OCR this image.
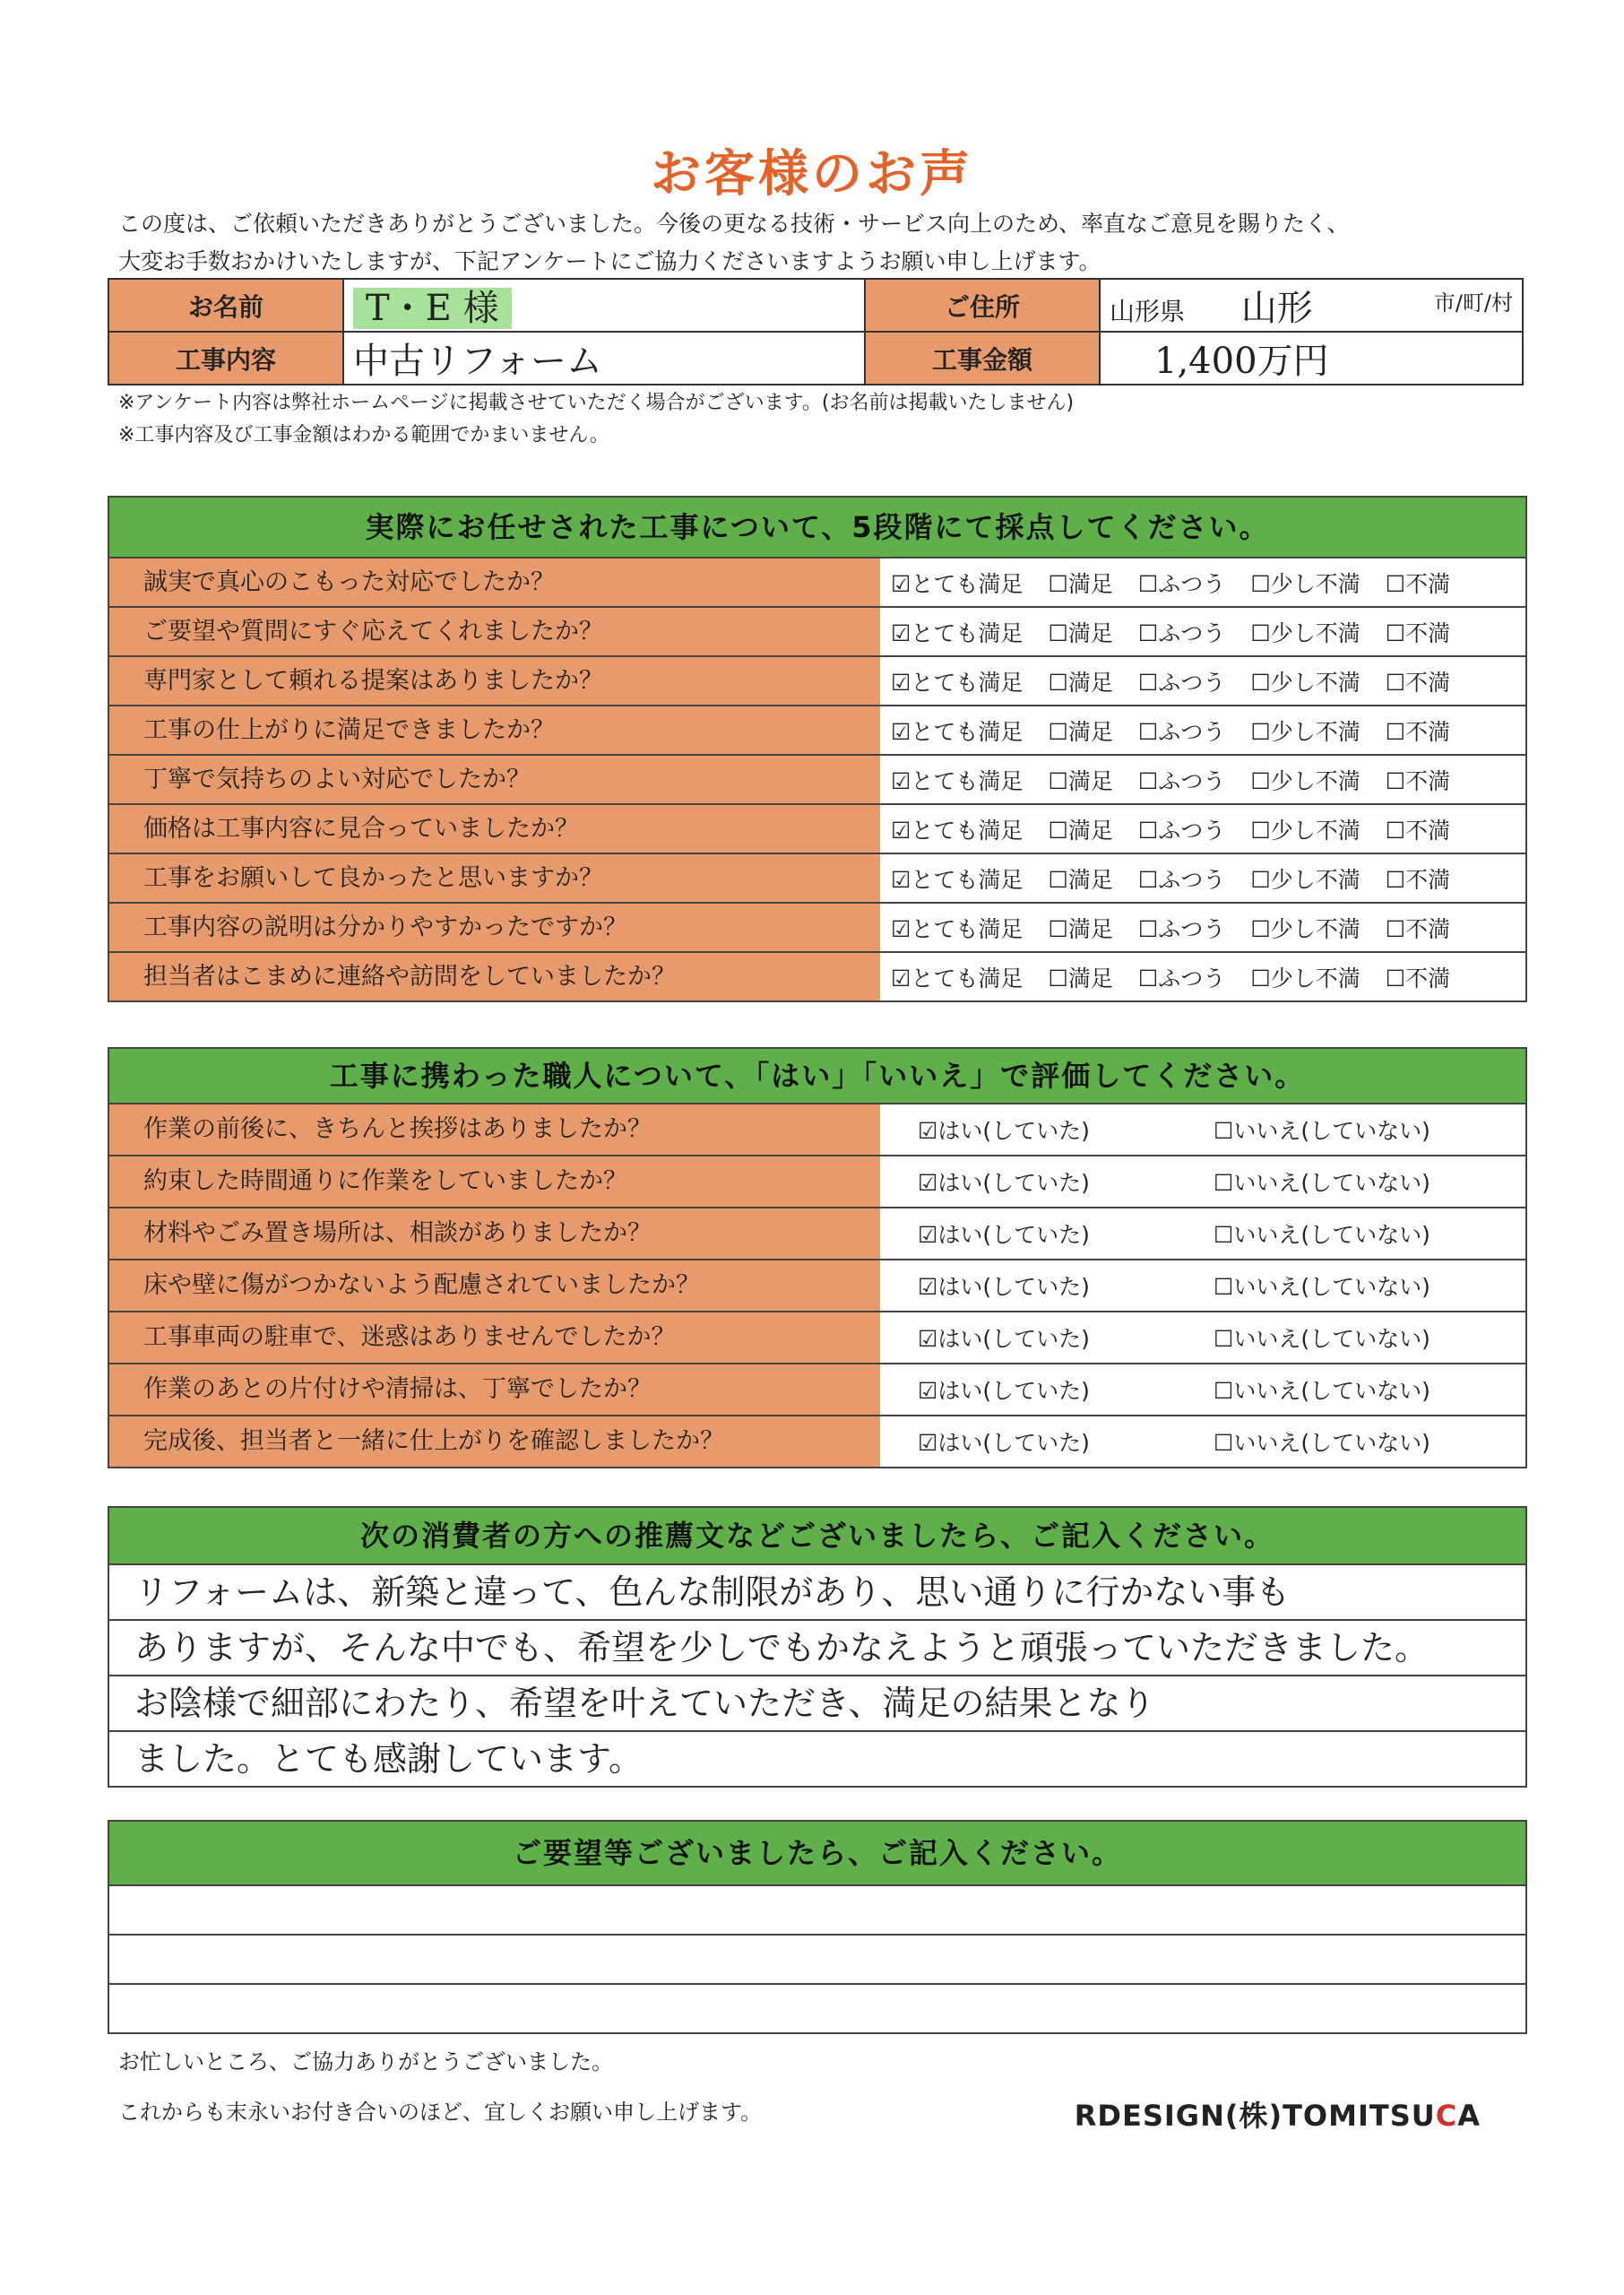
お客様のお声
この度は、ご依頼いただきありがとうございました。今後の更なる技術・サービス向上のため、率直なご意見を賜りたく、
大変お手数おかけいたしますが、下記アンケートにご協力くださいますようお願い申し上げます。
お名前	T・E 様	ご住所	山形県 山形 市/町/村

工事内容	中古リフォーム	工事金額	1,400万円
※アンケート内容は弊社ホームページに掲載させていただく場合がございます。(お名前は掲載いたしません)
※工事内容及び工事金額はわかる範囲でかまいません。
実際にお任せされた工事について、5段階にて採点してください。
誠実で真心のこもった対応でしたか？	☑とても満足 ☐満足 ☐ふつう ☐少し不満 ☐不満
ご要望や質問にすぐ応えてくれましたか？	☑とても満足 ☐満足 ☐ふつう ☐少し不満 ☐不満
専門家として頼れる提案はありましたか？	☑とても満足 ☐満足 ☐ふつう ☐少し不満 ☐不満
工事の仕上がりに満足できましたか？	☑とても満足 ☐満足 ☐ふつう ☐少し不満 ☐不満
丁寧で気持ちのよい対応でしたか？	☑とても満足 ☐満足 ☐ふつう ☐少し不満 ☐不満
価格は工事内容に見合っていましたか？	☑とても満足 ☐満足 ☐ふつう ☐少し不満 ☐不満
工事をお願いして良かったと思いますか？	☑とても満足 ☐満足 ☐ふつう ☐少し不満 ☐不満
工事内容の説明は分かりやすかったですか？	☑とても満足 ☐満足 ☐ふつう ☐少し不満 ☐不満
担当者はこまめに連絡や訪問をしていましたか？	☑とても満足 ☐満足 ☐ふつう ☐少し不満 ☐不満
工事に携わった職人について、「はい」「いいえ」で評価してください。
作業の前後に、きちんと挨拶はありましたか？	☑はい(していた)	☐いいえ(していない)
約束した時間通りに作業をしていましたか？	☑はい(していた)	☐いいえ(していない)
材料やごみ置き場所は、相談がありましたか？	☑はい(していた)	☐いいえ(していない)
床や壁に傷がつかないよう配慮されていましたか？	☑はい(していた)	☐いいえ(していない)
工事車両の駐車で、迷惑はありませんでしたか？	☑はい(していた)	☐いいえ(していない)
作業のあとの片付けや清掃は、丁寧でしたか？	☑はい(していた)	☐いいえ(していない)
完成後、担当者と一緒に仕上がりを確認しましたか？	☑はい(していた)	☐いいえ(していない)
次の消費者の方への推薦文などございましたら、ご記入ください。
リフォームは、新築と違って、色んな制限があり、思い通りに行かない事も
ありますが、そんな中でも、希望を少しでもかなえようと頑張っていただきました。
お陰様で細部にわたり、希望を叶えていただき、満足の結果となり
ました。とても感謝しています。
ご要望等ございましたら、ご記入ください。
お忙しいところ、ご協力ありがとうございました。
これからも末永いお付き合いのほど、宜しくお願い申し上げます。	RDESIGN(株)TOMITSUCA
